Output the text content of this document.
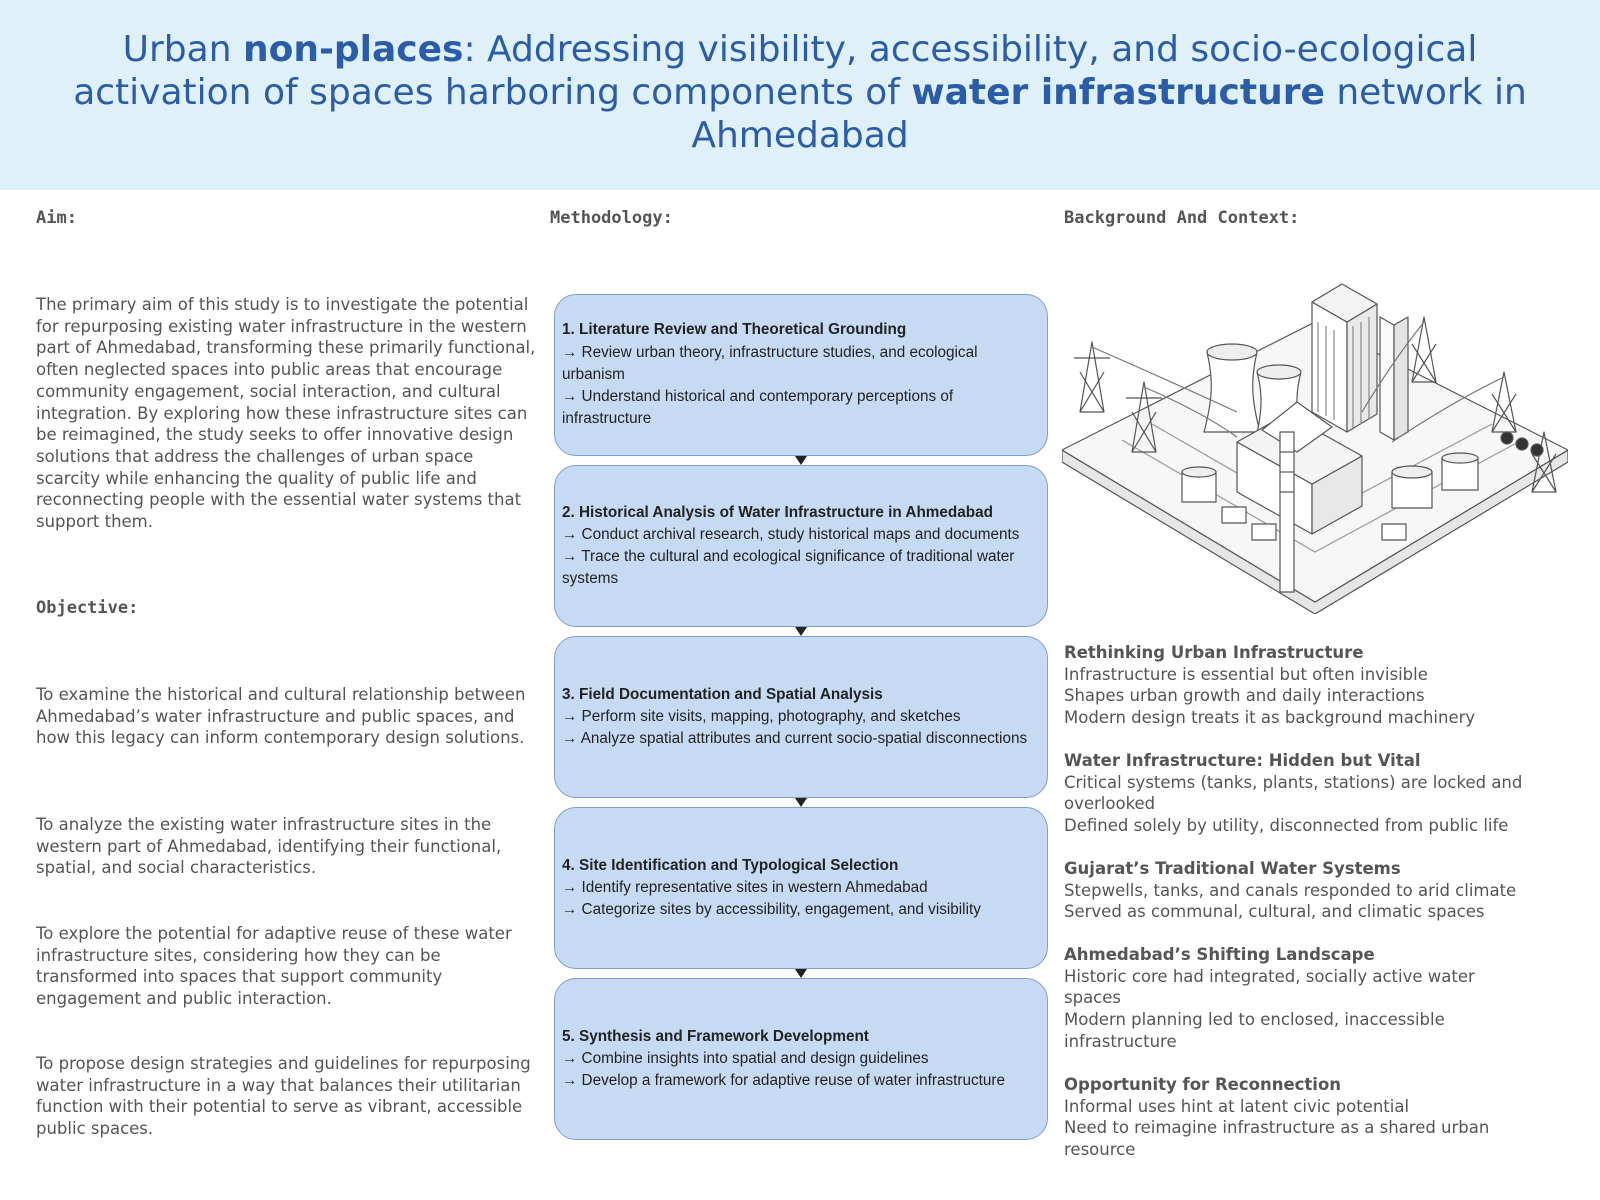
Urban non-places: Addressing visibility, accessibility, and socio-ecological activation of spaces harboring components of water infrastructure network in Ahmedabad
Aim:

The primary aim of this study is to investigate the potential for repurposing existing water infrastructure in the western part of Ahmedabad, transforming these primarily functional, often neglected spaces into public areas that encourage community engagement, social interaction, and cultural integration. By exploring how these infrastructure sites can be reimagined, the study seeks to offer innovative design solutions that address the challenges of urban space scarcity while enhancing the quality of public life and reconnecting people with the essential water systems that support them.

Objective:

To examine the historical and cultural relationship between Ahmedabad’s water infrastructure and public spaces, and how this legacy can inform contemporary design solutions.

To analyze the existing water infrastructure sites in the western part of Ahmedabad, identifying their functional, spatial, and social characteristics.

To explore the potential for adaptive reuse of these water infrastructure sites, considering how they can be transformed into spaces that support community engagement and public interaction.

To propose design strategies and guidelines for repurposing water infrastructure in a way that balances their utilitarian function with their potential to serve as vibrant, accessible public spaces.

Methodology:
1. Literature Review and Theoretical Grounding
→ Review urban theory, infrastructure studies, and ecological urbanism
→ Understand historical and contemporary perceptions of infrastructure
2. Historical Analysis of Water Infrastructure in Ahmedabad
→ Conduct archival research, study historical maps and documents
→ Trace the cultural and ecological significance of traditional water systems
3. Field Documentation and Spatial Analysis
→ Perform site visits, mapping, photography, and sketches
→ Analyze spatial attributes and current socio-spatial disconnections
4. Site Identification and Typological Selection
→ Identify representative sites in western Ahmedabad
→ Categorize sites by accessibility, engagement, and visibility
5. Synthesis and Framework Development
→ Combine insights into spatial and design guidelines
→ Develop a framework for adaptive reuse of water infrastructure
Background And Context:
Rethinking Urban Infrastructure
Infrastructure is essential but often invisible
Shapes urban growth and daily interactions
Modern design treats it as background machinery
Water Infrastructure: Hidden but Vital
Critical systems (tanks, plants, stations) are locked and overlooked
Defined solely by utility, disconnected from public life
Gujarat’s Traditional Water Systems
Stepwells, tanks, and canals responded to arid climate
Served as communal, cultural, and climatic spaces
Ahmedabad’s Shifting Landscape
Historic core had integrated, socially active water spaces
Modern planning led to enclosed, inaccessible infrastructure
Opportunity for Reconnection
Informal uses hint at latent civic potential
Need to reimagine infrastructure as a shared urban resource
